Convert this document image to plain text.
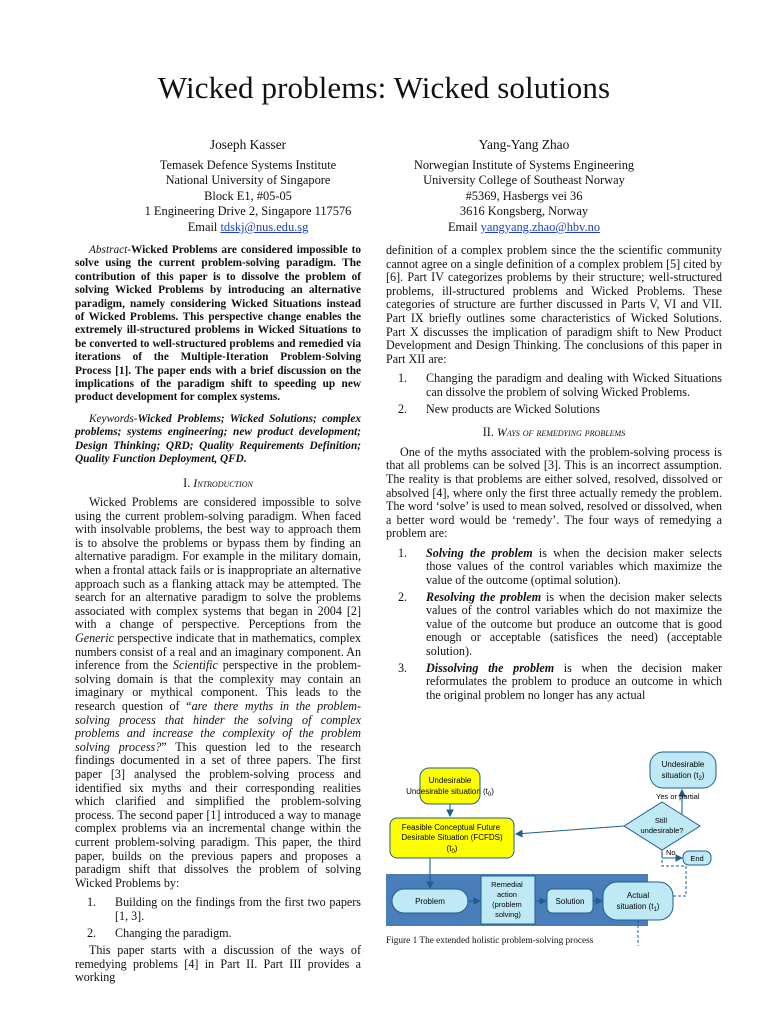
Wicked problems: Wicked solutions
Joseph Kasser
Temasek Defence Systems Institute
National University of Singapore
Block E1, #05-05
1 Engineering Drive 2, Singapore 117576
Email tdskj@nus.edu.sg
Yang-Yang Zhao
Norwegian Institute of Systems Engineering
University College of Southeast Norway
#5369, Hasbergs vei 36
3616 Kongsberg, Norway
Email yangyang.zhao@hbv.no

Abstract-Wicked Problems are considered impossible to solve using the current problem-solving paradigm. The contribution of this paper is to dissolve the problem of solving Wicked Problems by introducing an alternative paradigm, namely considering Wicked Situations instead of Wicked Problems. This perspective change enables the extremely ill-structured problems in Wicked Situations to be converted to well-structured problems and remedied via iterations of the Multiple-Iteration Problem-Solving Process [1]. The paper ends with a brief discussion on the implications of the paradigm shift to speeding up new product development for complex systems.

Keywords-Wicked Problems; Wicked Solutions; complex problems; systems engineering; new product development; Design Thinking; QRD; Quality Requirements Definition; Quality Function Deployment, QFD.

I. Introduction

Wicked Problems are considered impossible to solve using the current problem-solving paradigm. When faced with insolvable problems, the best way to approach them is to absolve the problems or bypass them by finding an alternative paradigm. For example in the military domain, when a frontal attack fails or is inappropriate an alternative approach such as a flanking attack may be attempted. The search for an alternative paradigm to solve the problems associated with complex systems that began in 2004 [2] with a change of perspective. Perceptions from the Generic perspective indicate that in mathematics, complex numbers consist of a real and an imaginary component. An inference from the Scientific perspective in the problem-solving domain is that the complexity may contain an imaginary or mythical component. This leads to the research question of “are there myths in the problem-solving process that hinder the solving of complex problems and increase the complexity of the problem solving process?” This question led to the research findings documented in a set of three papers. The first paper [3] analysed the problem-solving process and identified six myths and their corresponding realities which clarified and simplified the problem-solving process. The second paper [1] introduced a way to manage complex problems via an incremental change within the current problem-solving paradigm. This paper, the third paper, builds on the previous papers and proposes a paradigm shift that dissolves the problem of solving Wicked Problems by:

1. Building on the findings from the first two papers [1, 3].
2. Changing the paradigm.

This paper starts with a discussion of the ways of remedying problems [4] in Part II. Part III provides a working

definition of a complex problem since the the scientific community cannot agree on a single definition of a complex problem [5] cited by [6]. Part IV categorizes problems by their structure; well-structured problems, ill-structured problems and Wicked Problems. These categories of structure are further discussed in Parts V, VI and VII. Part IX briefly outlines some characteristics of Wicked Solutions. Part X discusses the implication of paradigm shift to New Product Development and Design Thinking. The conclusions of this paper in Part XII are:

1. Changing the paradigm and dealing with Wicked Situations can dissolve the problem of solving Wicked Problems.
2. New products are Wicked Solutions
II. Ways of remedying problems

One of the myths associated with the problem-solving process is that all problems can be solved [3]. This is an incorrect assumption. The reality is that problems are either solved, resolved, dissolved or absolved [4], where only the first three actually remedy the problem. The word ‘solve’ is used to mean solved, resolved or dissolved, when a better word would be ‘remedy’. The four ways of remedying a problem are:

1. Solving the problem is when the decision maker selects those values of the control variables which maximize the value of the outcome (optimal solution).
2. Resolving the problem is when the decision maker selects values of the control variables which do not maximize the value of the outcome but produce an outcome that is good enough or acceptable (satisfices the need) (acceptable solution).
3. Dissolving the problem is when the decision maker reformulates the problem to produce an outcome in which the original problem no longer has any actual
Undesirable
Undesirable situation $(t_0)$
Feasible Conceptual Future Desirable Situation (FCFDS)
$(t_0)$
Problem
Remedial action (problem solving)
Solution
Actual
situation $(t_1)$
Still undesirable?
Yes or partial
Undesirable
situation $(t_2)$
No
End
Figure 1 The extended holistic problem-solving process
